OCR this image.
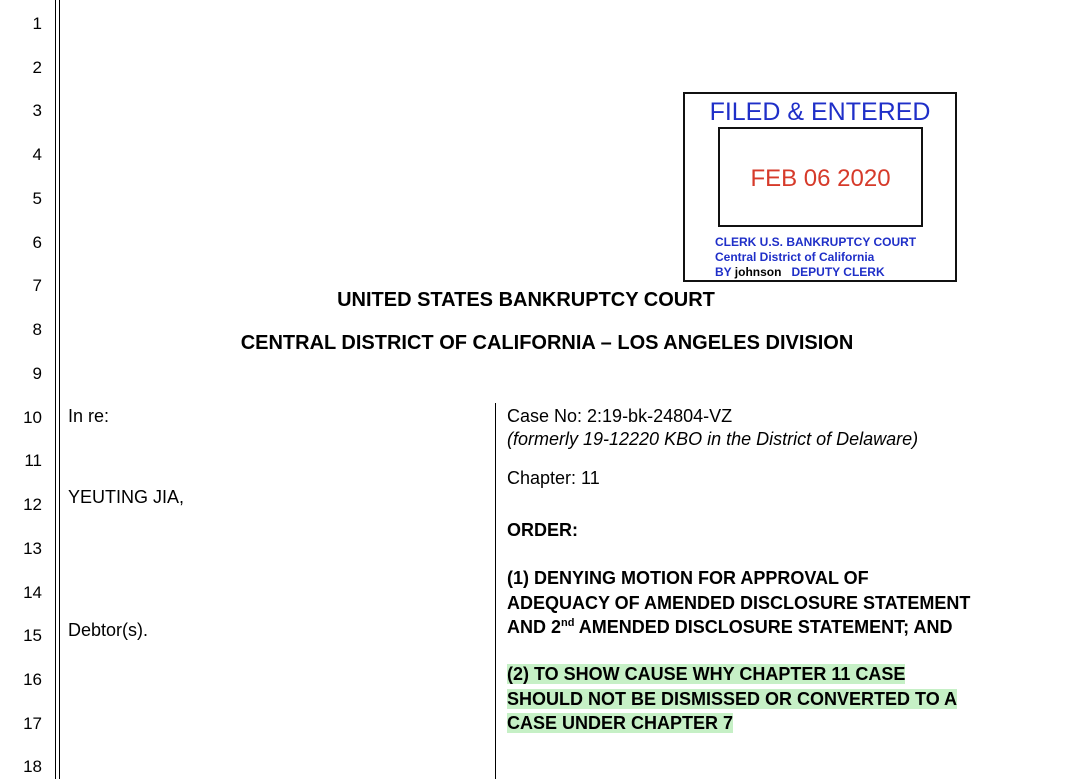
1
2
3
4
5
6
7
8
9
10
11
12
13
14
15
16
17
18
FILED & ENTERED
FEB 06 2020
CLERK U.S. BANKRUPTCY COURT
Central District of California
BY johnson DEPUTY CLERK
UNITED STATES BANKRUPTCY COURT
CENTRAL DISTRICT OF CALIFORNIA – LOS ANGELES DIVISION
In re:
YEUTING JIA,
Debtor(s).
Case No: 2:19-bk-24804-VZ
(formerly 19-12220 KBO in the District of Delaware)
Chapter: 11
ORDER:
(1) DENYING MOTION FOR APPROVAL OF
ADEQUACY OF AMENDED DISCLOSURE STATEMENT
AND 2nd AMENDED DISCLOSURE STATEMENT; AND
(2) TO SHOW CAUSE WHY CHAPTER 11 CASE
SHOULD NOT BE DISMISSED OR CONVERTED TO A
CASE UNDER CHAPTER 7
